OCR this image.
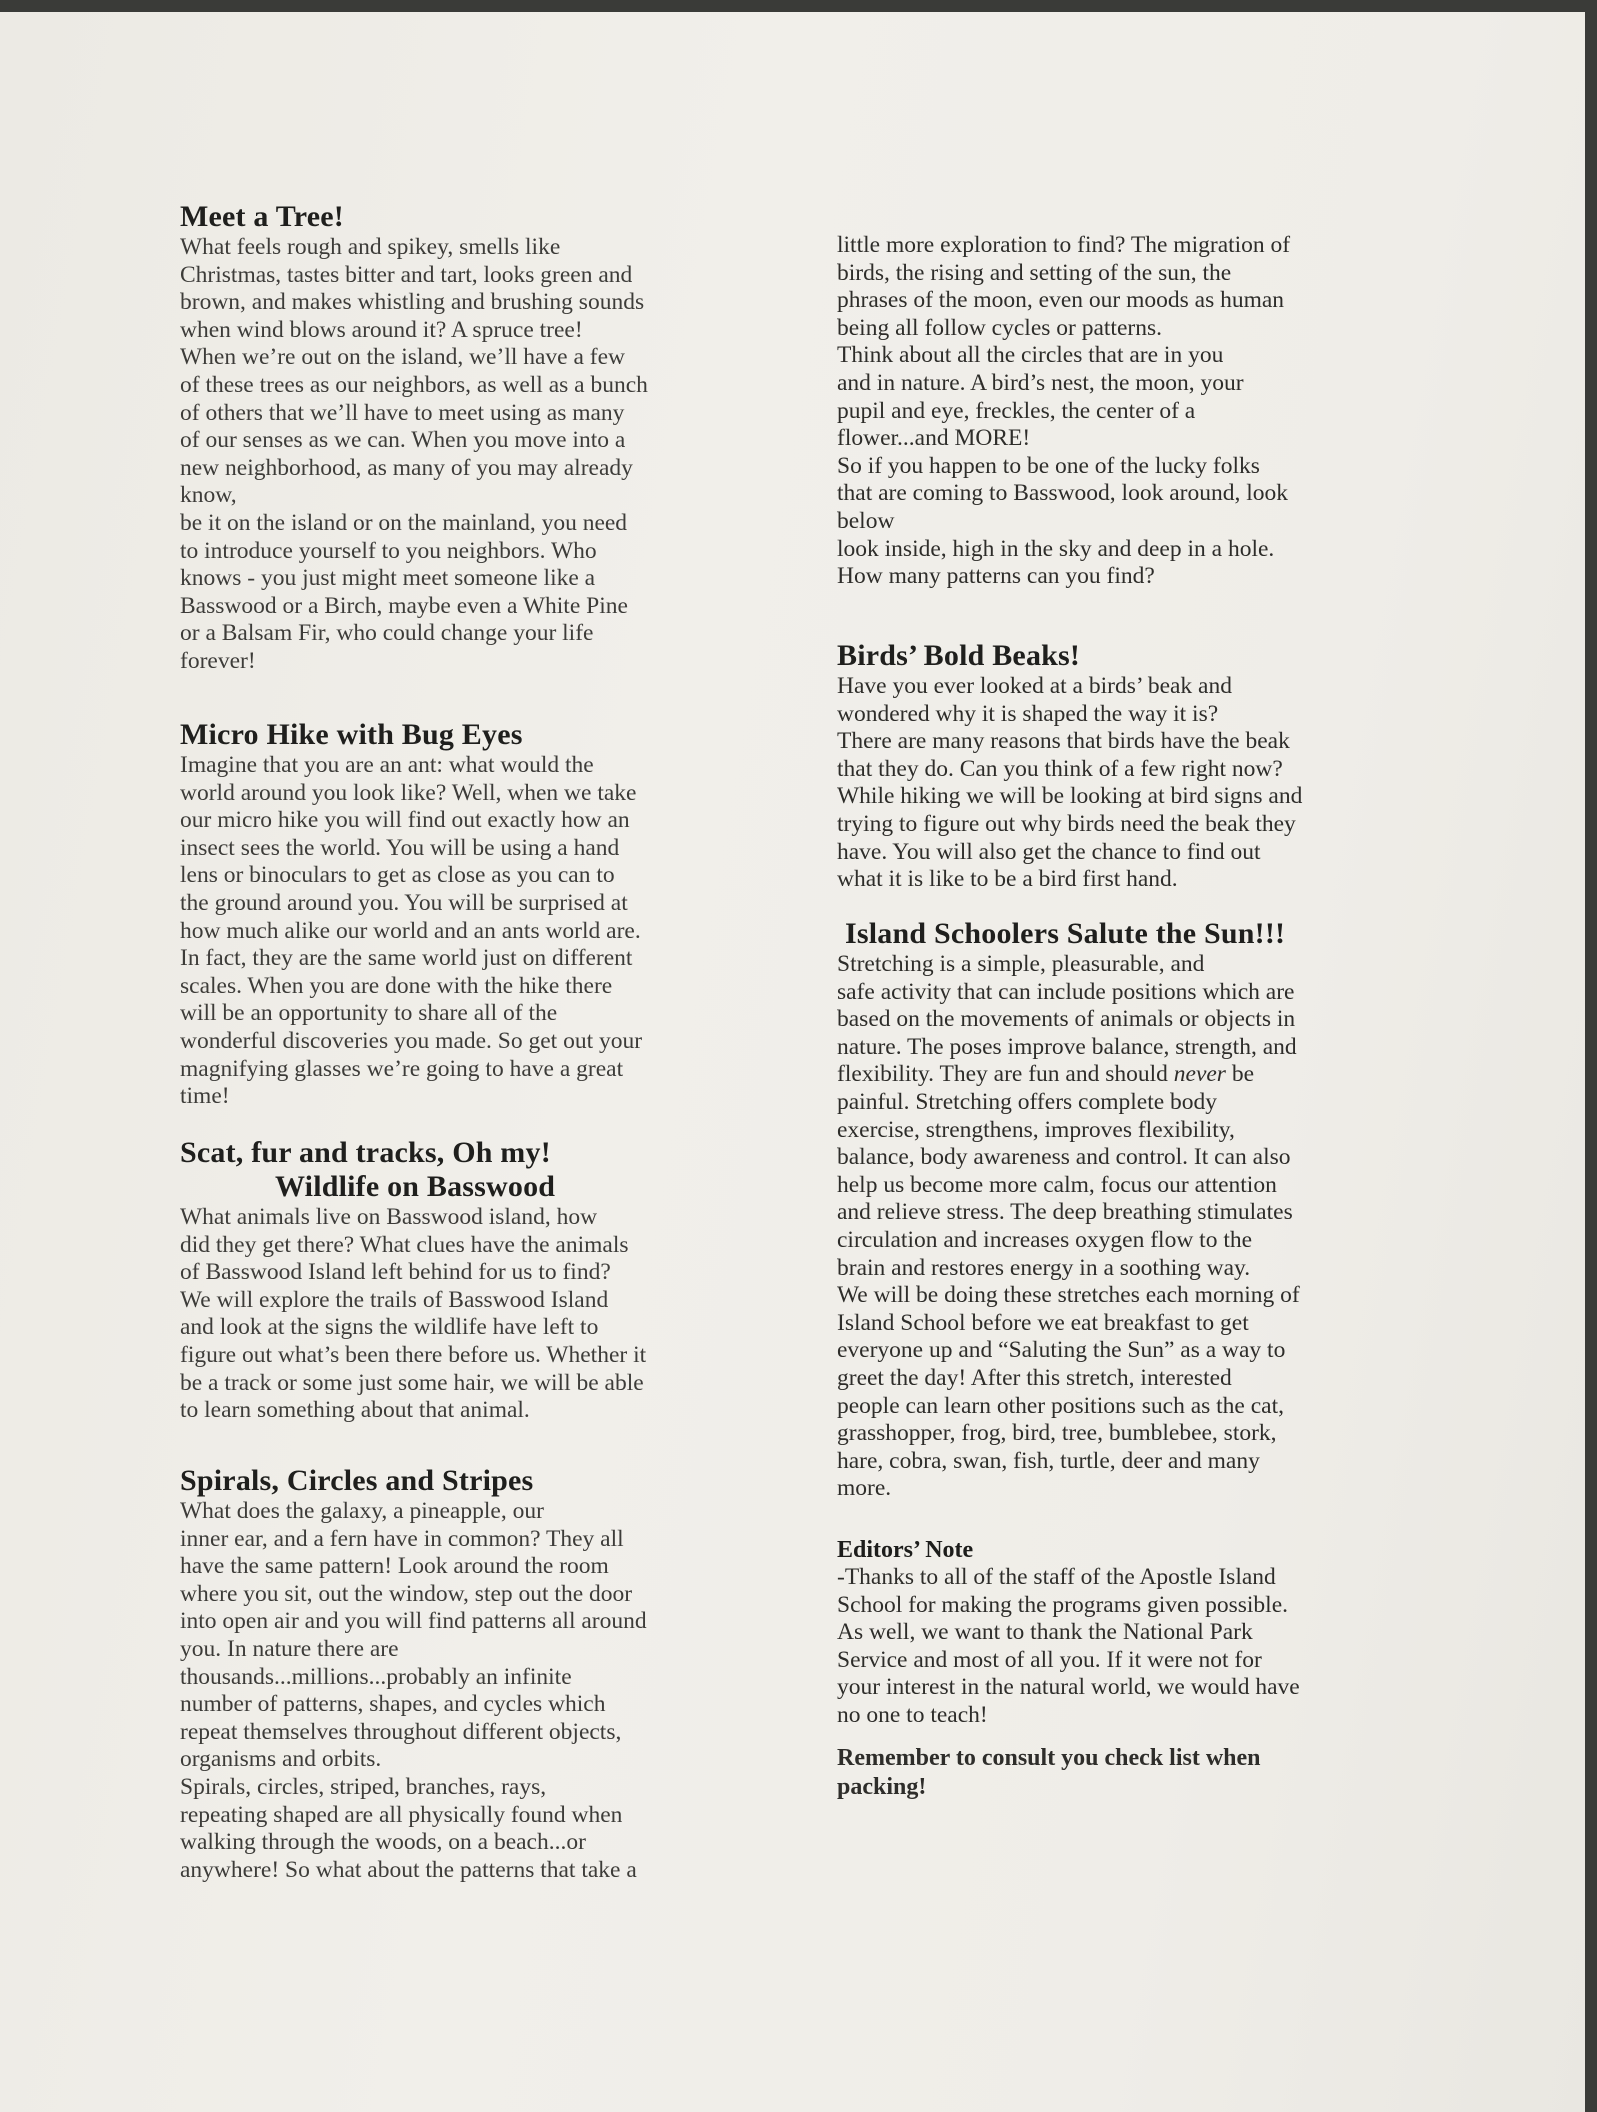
Meet a Tree!

What feels rough and spikey, smells like
Christmas, tastes bitter and tart, looks green and
brown, and makes whistling and brushing sounds
when wind blows around it? A spruce tree!
When we’re out on the island, we’ll have a few
of these trees as our neighbors, as well as a bunch
of others that we’ll have to meet using as many
of our senses as we can. When you move into a
new neighborhood, as many of you may already
know,
be it on the island or on the mainland, you need
to introduce yourself to you neighbors. Who
knows - you just might meet someone like a
Basswood or a Birch, maybe even a White Pine
or a Balsam Fir, who could change your life
forever!

Micro Hike with Bug Eyes

Imagine that you are an ant: what would the
world around you look like? Well, when we take
our micro hike you will find out exactly how an
insect sees the world. You will be using a hand
lens or binoculars to get as close as you can to
the ground around you. You will be surprised at
how much alike our world and an ants world are.
In fact, they are the same world just on different
scales. When you are done with the hike there
will be an opportunity to share all of the
wonderful discoveries you made. So get out your
magnifying glasses we’re going to have a great
time!

Scat, fur and tracks, Oh my!
Wildlife on Basswood

What animals live on Basswood island, how
did they get there? What clues have the animals
of Basswood Island left behind for us to find?
We will explore the trails of Basswood Island
and look at the signs the wildlife have left to
figure out what’s been there before us. Whether it
be a track or some just some hair, we will be able
to learn something about that animal.

Spirals, Circles and Stripes

What does the galaxy, a pineapple, our
inner ear, and a fern have in common? They all
have the same pattern! Look around the room
where you sit, out the window, step out the door
into open air and you will find patterns all around
you. In nature there are
thousands...millions...probably an infinite
number of patterns, shapes, and cycles which
repeat themselves throughout different objects,
organisms and orbits.
Spirals, circles, striped, branches, rays,
repeating shaped are all physically found when
walking through the woods, on a beach...or
anywhere! So what about the patterns that take a

little more exploration to find? The migration of
birds, the rising and setting of the sun, the
phrases of the moon, even our moods as human
being all follow cycles or patterns.
Think about all the circles that are in you
and in nature. A bird’s nest, the moon, your
pupil and eye, freckles, the center of a
flower...and MORE!
So if you happen to be one of the lucky folks
that are coming to Basswood, look around, look
below
look inside, high in the sky and deep in a hole.
How many patterns can you find?

Birds’ Bold Beaks!

Have you ever looked at a birds’ beak and
wondered why it is shaped the way it is?
There are many reasons that birds have the beak
that they do. Can you think of a few right now?
While hiking we will be looking at bird signs and
trying to figure out why birds need the beak they
have. You will also get the chance to find out
what it is like to be a bird first hand.

Island Schoolers Salute the Sun!!!

Stretching is a simple, pleasurable, and
safe activity that can include positions which are
based on the movements of animals or objects in
nature. The poses improve balance, strength, and
flexibility. They are fun and should never be
painful. Stretching offers complete body
exercise, strengthens, improves flexibility,
balance, body awareness and control. It can also
help us become more calm, focus our attention
and relieve stress. The deep breathing stimulates
circulation and increases oxygen flow to the
brain and restores energy in a soothing way.
We will be doing these stretches each morning of
Island School before we eat breakfast to get
everyone up and “Saluting the Sun” as a way to
greet the day! After this stretch, interested
people can learn other positions such as the cat,
grasshopper, frog, bird, tree, bumblebee, stork,
hare, cobra, swan, fish, turtle, deer and many
more.

Editors’ Note

-Thanks to all of the staff of the Apostle Island
School for making the programs given possible.
As well, we want to thank the National Park
Service and most of all you. If it were not for
your interest in the natural world, we would have
no one to teach!

Remember to consult you check list when
packing!
